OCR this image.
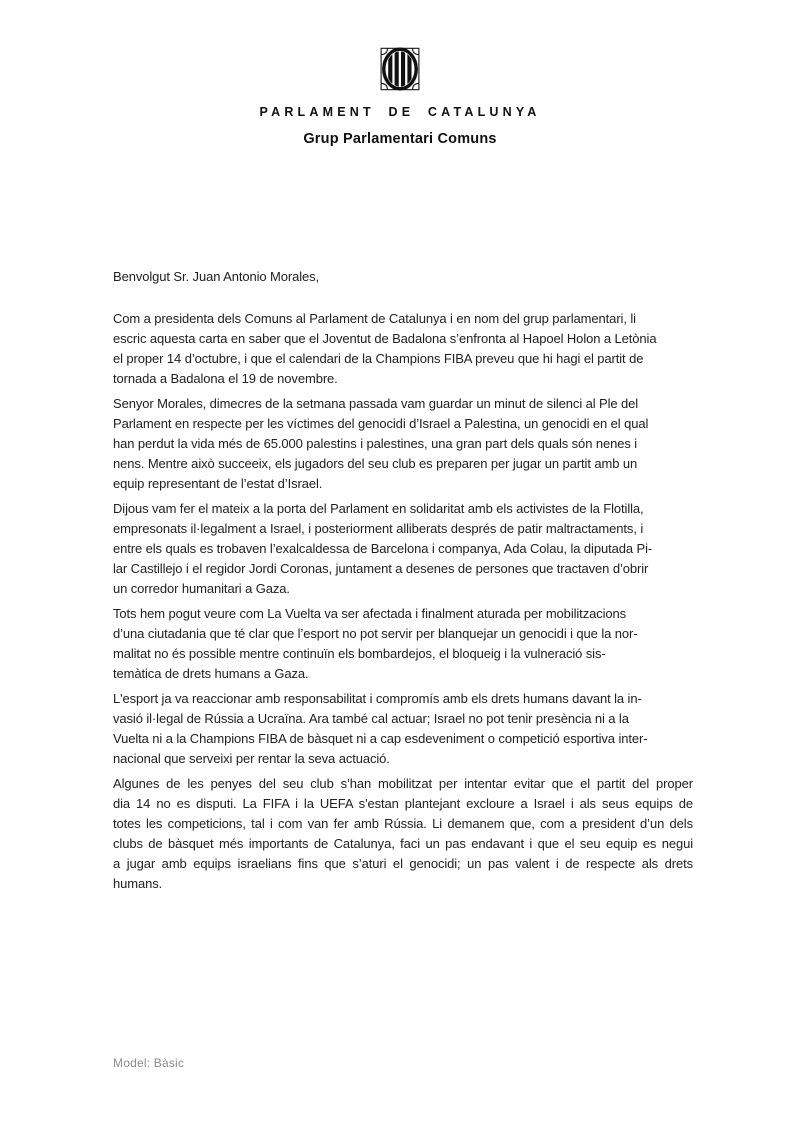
PARLAMENT DE CATALUNYA
Grup Parlamentari Comuns
Benvolgut Sr. Juan Antonio Morales,
Com a presidenta dels Comuns al Parlament de Catalunya i en nom del grup parlamentari, li
escric aquesta carta en saber que el Joventut de Badalona s’enfronta al Hapoel Holon a Letònia
el proper 14 d’octubre, i que el calendari de la Champions FIBA preveu que hi hagi el partit de
tornada a Badalona el 19 de novembre.
Senyor Morales, dimecres de la setmana passada vam guardar un minut de silenci al Ple del
Parlament en respecte per les víctimes del genocidi d’Israel a Palestina, un genocidi en el qual
han perdut la vida més de 65.000 palestins i palestines, una gran part dels quals són nenes i
nens. Mentre això succeeix, els jugadors del seu club es preparen per jugar un partit amb un
equip representant de l’estat d’Israel.
Dijous vam fer el mateix a la porta del Parlament en solidaritat amb els activistes de la Flotilla,
empresonats il·legalment a Israel, i posteriorment alliberats després de patir maltractaments, i
entre els quals es trobaven l’exalcaldessa de Barcelona i companya, Ada Colau, la diputada Pi-
lar Castillejo i el regidor Jordi Coronas, juntament a desenes de persones que tractaven d’obrir
un corredor humanitari a Gaza.
Tots hem pogut veure com La Vuelta va ser afectada i finalment aturada per mobilitzacions
d’una ciutadania que té clar que l’esport no pot servir per blanquejar un genocidi i que la nor-
malitat no és possible mentre continuïn els bombardejos, el bloqueig i la vulneració sis-
temàtica de drets humans a Gaza.
L'esport ja va reaccionar amb responsabilitat i compromís amb els drets humans davant la in-
vasió il·legal de Rússia a Ucraïna. Ara també cal actuar; Israel no pot tenir presència ni a la
Vuelta ni a la Champions FIBA de bàsquet ni a cap esdeveniment o competició esportiva inter-
nacional que serveixi per rentar la seva actuació.
Algunes de les penyes del seu club s’han mobilitzat per intentar evitar que el partit del proper
dia 14 no es disputi. La FIFA i la UEFA s'estan plantejant excloure a Israel i als seus equips de
totes les competicions, tal i com van fer amb Rússia. Li demanem que, com a president d’un dels
clubs de bàsquet més importants de Catalunya, faci un pas endavant i que el seu equip es negui
a jugar amb equips israelians fins que s’aturi el genocidi; un pas valent i de respecte als drets
humans.
Model: Bàsic
